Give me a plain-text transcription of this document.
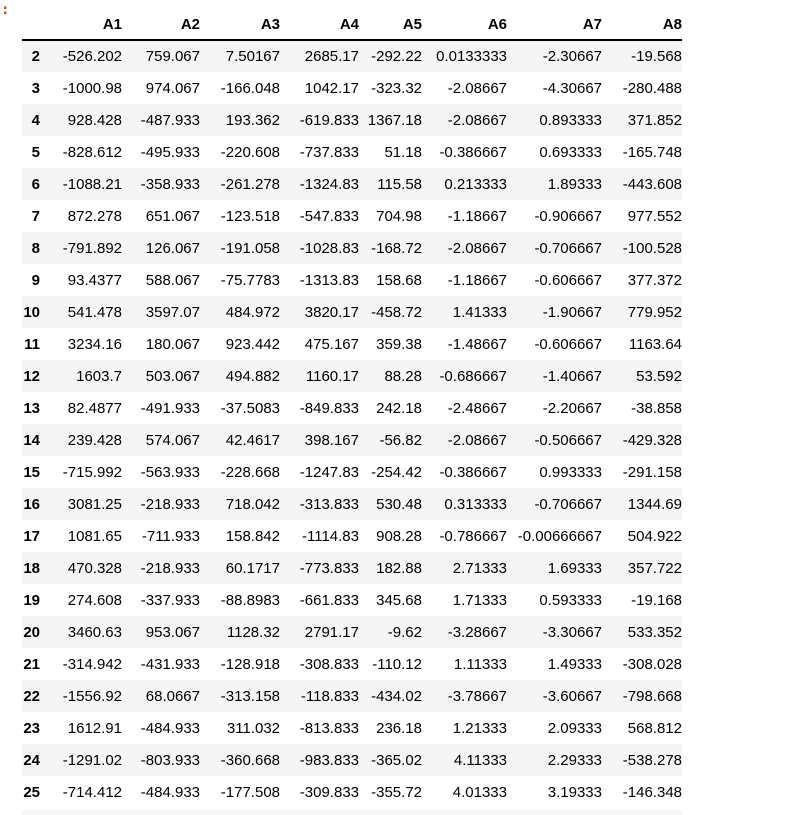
:
	A1	A2	A3	A4	A5	A6	A7	A8
2	-526.202	759.067	7.50167	2685.17	-292.22	0.0133333	-2.30667	-19.568
3	-1000.98	974.067	-166.048	1042.17	-323.32	-2.08667	-4.30667	-280.488
4	928.428	-487.933	193.362	-619.833	1367.18	-2.08667	0.893333	371.852
5	-828.612	-495.933	-220.608	-737.833	51.18	-0.386667	0.693333	-165.748
6	-1088.21	-358.933	-261.278	-1324.83	115.58	0.213333	1.89333	-443.608
7	872.278	651.067	-123.518	-547.833	704.98	-1.18667	-0.906667	977.552
8	-791.892	126.067	-191.058	-1028.83	-168.72	-2.08667	-0.706667	-100.528
9	93.4377	588.067	-75.7783	-1313.83	158.68	-1.18667	-0.606667	377.372
10	541.478	3597.07	484.972	3820.17	-458.72	1.41333	-1.90667	779.952
11	3234.16	180.067	923.442	475.167	359.38	-1.48667	-0.606667	1163.64
12	1603.7	503.067	494.882	1160.17	88.28	-0.686667	-1.40667	53.592
13	82.4877	-491.933	-37.5083	-849.833	242.18	-2.48667	-2.20667	-38.858
14	239.428	574.067	42.4617	398.167	-56.82	-2.08667	-0.506667	-429.328
15	-715.992	-563.933	-228.668	-1247.83	-254.42	-0.386667	0.993333	-291.158
16	3081.25	-218.933	718.042	-313.833	530.48	0.313333	-0.706667	1344.69
17	1081.65	-711.933	158.842	-1114.83	908.28	-0.786667	-0.00666667	504.922
18	470.328	-218.933	60.1717	-773.833	182.88	2.71333	1.69333	357.722
19	274.608	-337.933	-88.8983	-661.833	345.68	1.71333	0.593333	-19.168
20	3460.63	953.067	1128.32	2791.17	-9.62	-3.28667	-3.30667	533.352
21	-314.942	-431.933	-128.918	-308.833	-110.12	1.11333	1.49333	-308.028
22	-1556.92	68.0667	-313.158	-118.833	-434.02	-3.78667	-3.60667	-798.668
23	1612.91	-484.933	311.032	-813.833	236.18	1.21333	2.09333	568.812
24	-1291.02	-803.933	-360.668	-983.833	-365.02	4.11333	2.29333	-538.278
25	-714.412	-484.933	-177.508	-309.833	-355.72	4.01333	3.19333	-146.348
